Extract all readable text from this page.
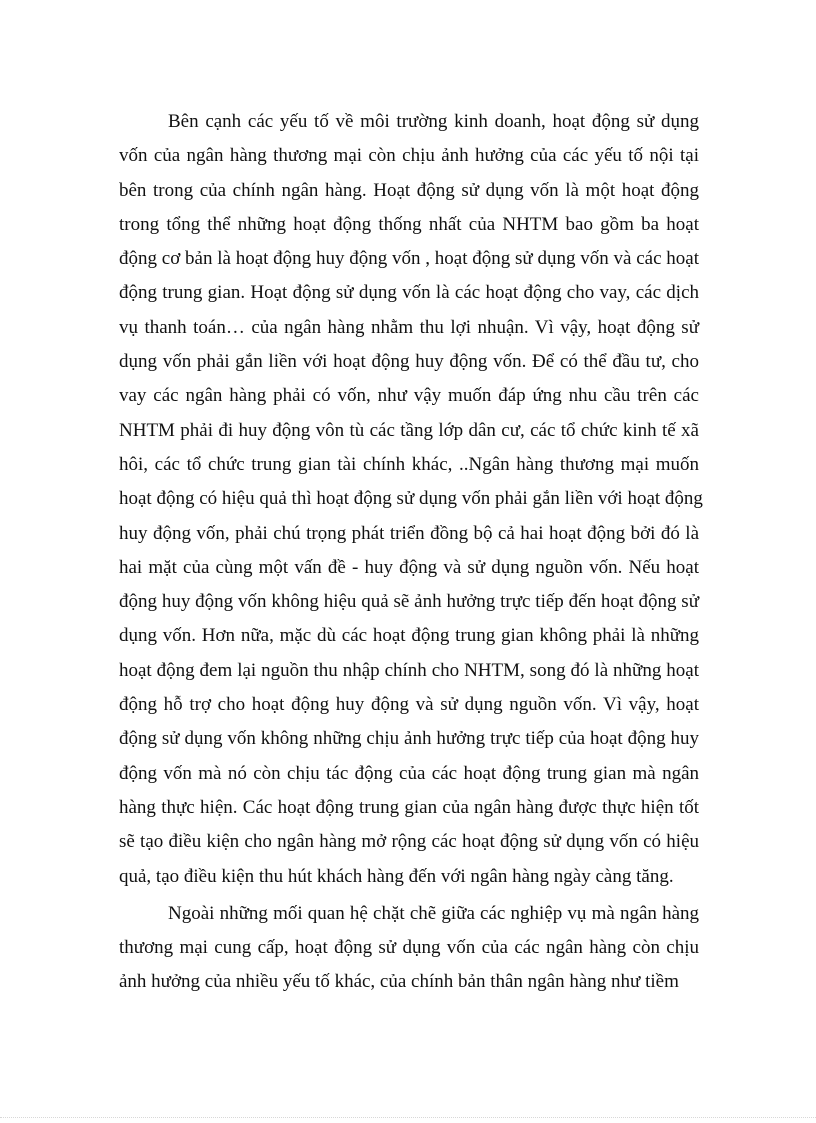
Bên cạnh các yếu tố về môi trường kinh doanh, hoạt động sử dụng
vốn của ngân hàng thương mại còn chịu ảnh hưởng của các yếu tố nội tại
bên trong của chính ngân hàng. Hoạt động sử dụng vốn là một hoạt động
trong tổng thể những hoạt động thống nhất của NHTM bao gồm ba hoạt
động cơ bản là hoạt động huy động vốn , hoạt động sử dụng vốn và các hoạt
động trung gian. Hoạt động sử dụng vốn là các hoạt động cho vay, các dịch
vụ thanh toán… của ngân hàng nhằm thu lợi nhuận. Vì vậy, hoạt động sử
dụng vốn phải gắn liền với hoạt động huy động vốn. Để có thể đầu tư, cho
vay các ngân hàng phải có vốn, như vậy muốn đáp ứng nhu cầu trên các
NHTM phải đi huy động vôn tù các tầng lớp dân cư, các tổ chức kinh tế xã
hôi, các tổ chức trung gian tài chính khác, ..Ngân hàng thương mại muốn
hoạt động có hiệu quả thì hoạt động sử dụng vốn phải gắn liền với hoạt động
huy động vốn, phải chú trọng phát triển đồng bộ cả hai hoạt động bởi đó là
hai mặt của cùng một vấn đề - huy động và sử dụng nguồn vốn. Nếu hoạt
động huy động vốn không hiệu quả sẽ ảnh hưởng trực tiếp đến hoạt động sử
dụng vốn. Hơn nữa, mặc dù các hoạt động trung gian không phải là những
hoạt động đem lại nguồn thu nhập chính cho NHTM, song đó là những hoạt
động hỗ trợ cho hoạt động huy động và sử dụng nguồn vốn. Vì vậy, hoạt
động sử dụng vốn không những chịu ảnh hưởng trực tiếp của hoạt động huy
động vốn mà nó còn chịu tác động của các hoạt động trung gian mà ngân
hàng thực hiện. Các hoạt động trung gian của ngân hàng được thực hiện tốt
sẽ tạo điều kiện cho ngân hàng mở rộng các hoạt động sử dụng vốn có hiệu
quả, tạo điều kiện thu hút khách hàng đến với ngân hàng ngày càng tăng.
Ngoài những mối quan hệ chặt chẽ giữa các nghiệp vụ mà ngân hàng
thương mại cung cấp, hoạt động sử dụng vốn của các ngân hàng còn chịu
ảnh hưởng của nhiều yếu tố khác, của chính bản thân ngân hàng như tiềm
